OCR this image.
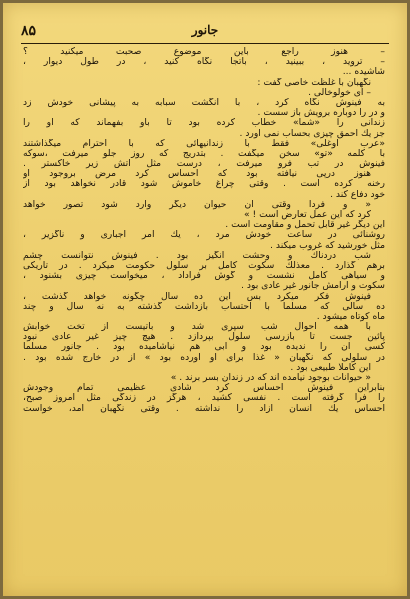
۸۵	جانور
– هنوز راجع باین موضوع صحبت میکنید ؟
– ترويد ، ببينيد ، باتجا نگاه كنيد ، در طول ديوار ،
شاشيده ...
نگهبان با غلظت خاصى گفت :
– اى خولوخالى .
به فينوش نگاه كرد ، با انگشت سبابه به پيشانى خودش زد
و در را دوباره برويش باز سست .
زندانی را «شما» خطاب کرده بود تا باو بفهماند که او را
جز یك احمق چیزی بحساب نمی آورد .
«عرب اوغلی» فقط با زندانیهائی که با احترام میگذاشتند
با کلمه «تو» سخن میگفت . بتدریج که روز جلو میرفت ،سوکه
فینوش در تب فرو میرفت ، درست مثل آتش زیر خاکستر .
هنوز درپی نیافته بود که احساس کرد مرض بروجود او
رخنه کرده است . وقتی چراغ خاموش شود قادر نخواهد بود از
خود دفاع کند .
« و فردا وقتی آن حیوان دیگر وارد شود تصور خواهد
کرد که این عمل تعارض است ! »
این دیگر غیر قابل تحمل و مقاومت است .
روشنائی در ساعت خودش مرد ، یك امر اجباری و ناگزیر ،
مثل خورشید که غروب میکند .
شب دردناك و وحشت انگیز بود . فینوش نتوانست چشم
برهم گذارد . معذلك سکوت کامل بر سلول حکومت میکرد . در تاریکی
و سیاهی کامل نشست و گوش فراداد ، میخواست چیزی بشنود ،
سکوت و آرامش جانور غیر عادی بود .
فینوش فکر میکرد بس این ده سال چگونه خواهد گذشت ،
ده سالی که مسلما با احتساب بازداشت گذشته به نه سال و چند
ماه کوتاه میشود .
با همه احوال شب سپری شد و باتیست از تخت خوابش
پائین جست تا بازرسی سلول بپردازد . هیچ چیز غیر عادی نبود
کسی آن را ندیده بود و آبی هم نیاشامیده بود . جانور مسلما
در سلولی که نگهبان « غذا برای او آورده بود » از در خارج شده بود .
این کاملا طبیعی بود .
« حیوانات بوجود نیامده اند که در زندان بسر برند . »
بنابراین فینوش احساس کرد شادی عظیمی تمام وجودش
را فرا گرفته است . نفسی کشید ، هرگز در زندگی مثل امروز صبح،
احساس یك انسان آزاد را نداشته . وقتی نگهبان آمد، خواست
